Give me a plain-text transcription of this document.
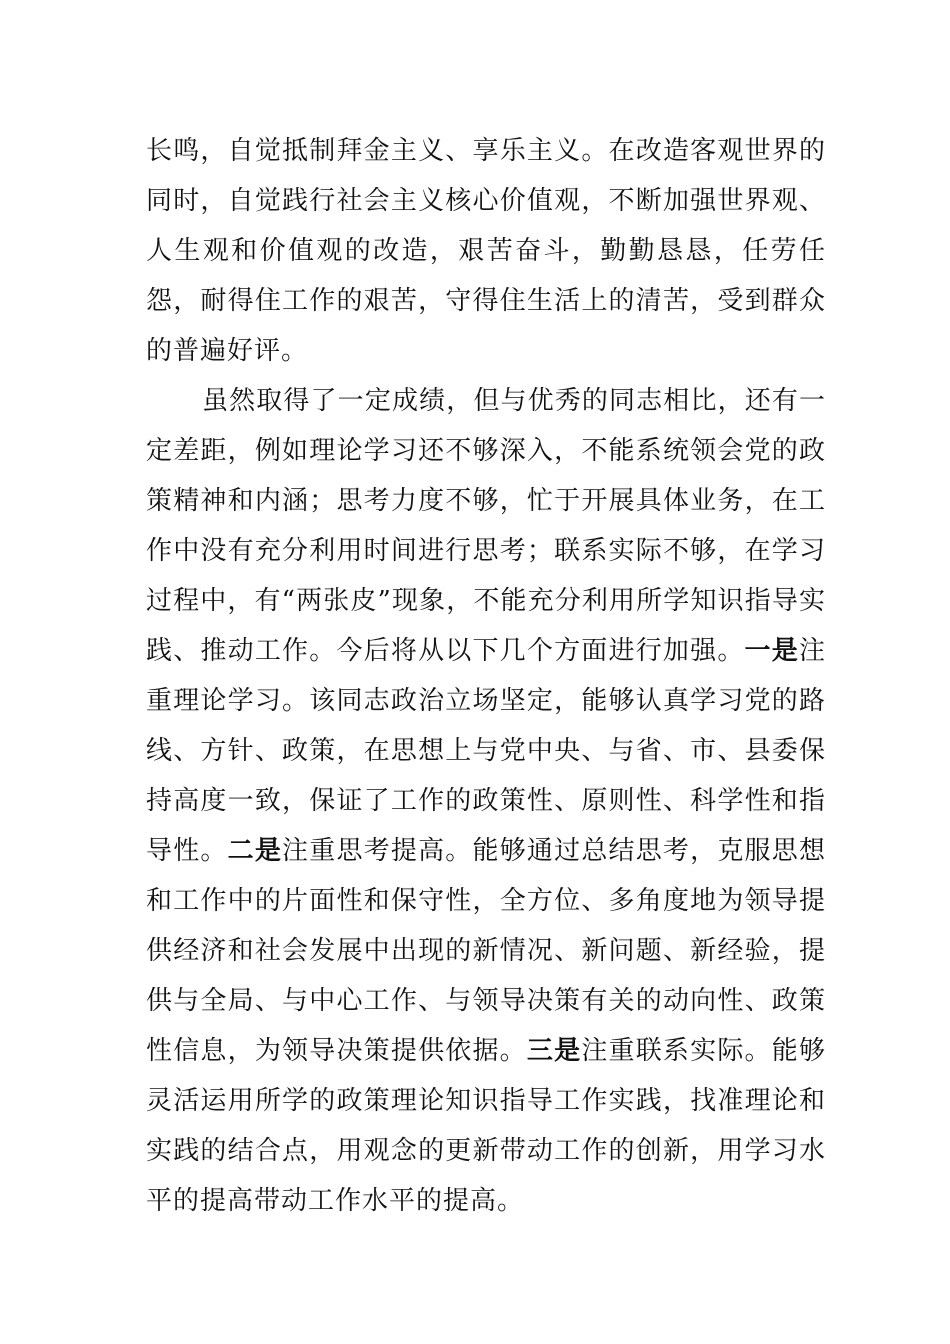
长鸣，自觉抵制拜金主义、享乐主义。在改造客观世界的同时，自觉践行社会主义核心价值观，不断加强世界观、人生观和价值观的改造，艰苦奋斗，勤勤恳恳，任劳任怨，耐得住工作的艰苦，守得住生活上的清苦，受到群众的普遍好评。

虽然取得了一定成绩，但与优秀的同志相比，还有一定差距，例如理论学习还不够深入，不能系统领会党的政策精神和内涵；思考力度不够，忙于开展具体业务，在工作中没有充分利用时间进行思考；联系实际不够，在学习过程中，有“两张皮”现象，不能充分利用所学知识指导实践、推动工作。今后将从以下几个方面进行加强。一是注重理论学习。该同志政治立场坚定，能够认真学习党的路线、方针、政策，在思想上与党中央、与省、市、县委保持高度一致，保证了工作的政策性、原则性、科学性和指导性。二是注重思考提高。能够通过总结思考，克服思想和工作中的片面性和保守性，全方位、多角度地为领导提供经济和社会发展中出现的新情况、新问题、新经验，提供与全局、与中心工作、与领导决策有关的动向性、政策性信息，为领导决策提供依据。三是注重联系实际。能够灵活运用所学的政策理论知识指导工作实践，找准理论和实践的结合点，用观念的更新带动工作的创新，用学习水平的提高带动工作水平的提高。
